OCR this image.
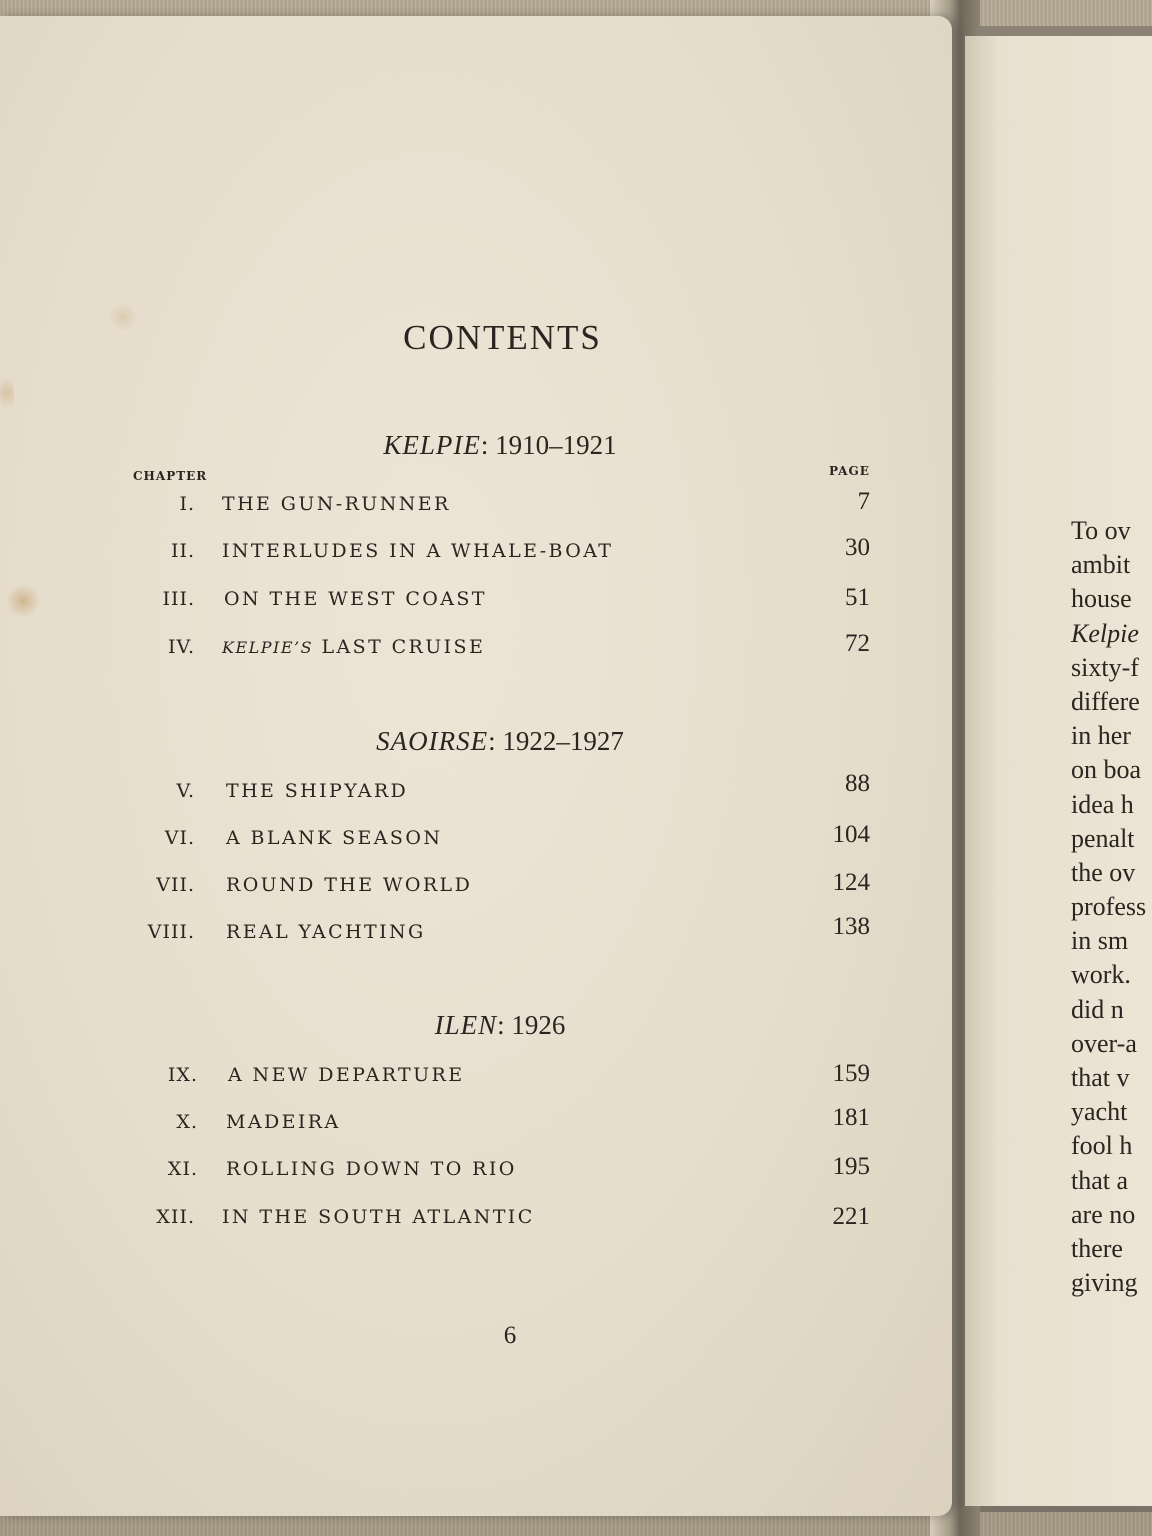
CONTENTS
KELPIE: 1910–1921
CHAPTER	PAGE
I. THE GUN-RUNNER	7
II. INTERLUDES IN A WHALE-BOAT	30
III. ON THE WEST COAST	51
IV. KELPIE’S LAST CRUISE	72
SAOIRSE: 1922–1927
V. THE SHIPYARD	88
VI. A BLANK SEASON	104
VII. ROUND THE WORLD	124
VIII. REAL YACHTING	138
ILEN: 1926
IX. A NEW DEPARTURE	159
X. MADEIRA	181
XI. ROLLING DOWN TO RIO	195
XII. IN THE SOUTH ATLANTIC	221
6
To ov
ambit
house
Kelpie
sixty-f
differe
in her
on boa
idea h
penalt
the ov
profess
in sm
work.
did n
over-a
that v
yacht
fool h
that a
are no
there
giving
